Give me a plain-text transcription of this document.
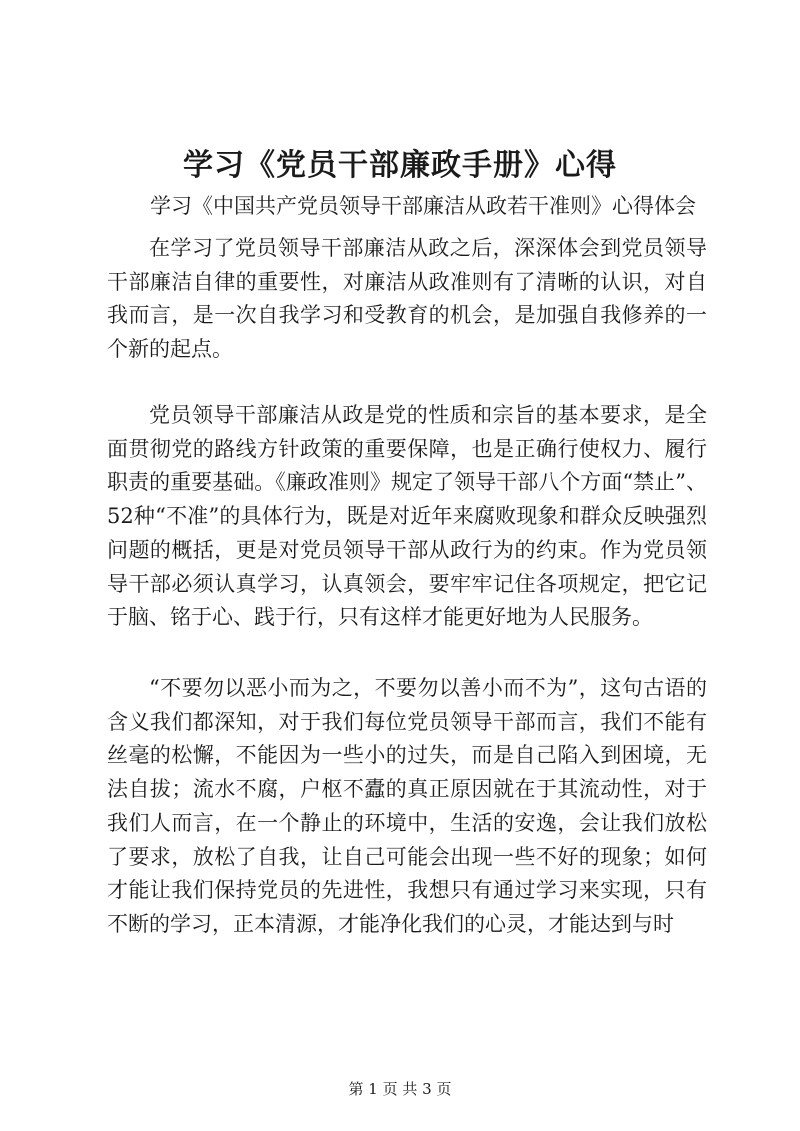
学习《党员干部廉政手册》心得

学习《中国共产党员领导干部廉洁从政若干准则》心得体会

在学习了党员领导干部廉洁从政之后，深深体会到党员领导干部廉洁自律的重要性，对廉洁从政准则有了清晰的认识，对自我而言，是一次自我学习和受教育的机会，是加强自我修养的一个新的起点。

党员领导干部廉洁从政是党的性质和宗旨的基本要求，是全面贯彻党的路线方针政策的重要保障，也是正确行使权力、履行职责的重要基础。《廉政准则》规定了领导干部八个方面“禁止”、52种“不准”的具体行为，既是对近年来腐败现象和群众反映强烈问题的概括，更是对党员领导干部从政行为的约束。作为党员领导干部必须认真学习，认真领会，要牢牢记住各项规定，把它记于脑、铭于心、践于行，只有这样才能更好地为人民服务。

“不要勿以恶小而为之，不要勿以善小而不为”，这句古语的含义我们都深知，对于我们每位党员领导干部而言，我们不能有丝毫的松懈，不能因为一些小的过失，而是自己陷入到困境，无法自拔；流水不腐，户枢不蠹的真正原因就在于其流动性，对于我们人而言，在一个静止的环境中，生活的安逸，会让我们放松了要求，放松了自我，让自己可能会出现一些不好的现象；如何才能让我们保持党员的先进性，我想只有通过学习来实现，只有不断的学习，正本清源，才能净化我们的心灵，才能达到与时

第 1 页 共 3 页
